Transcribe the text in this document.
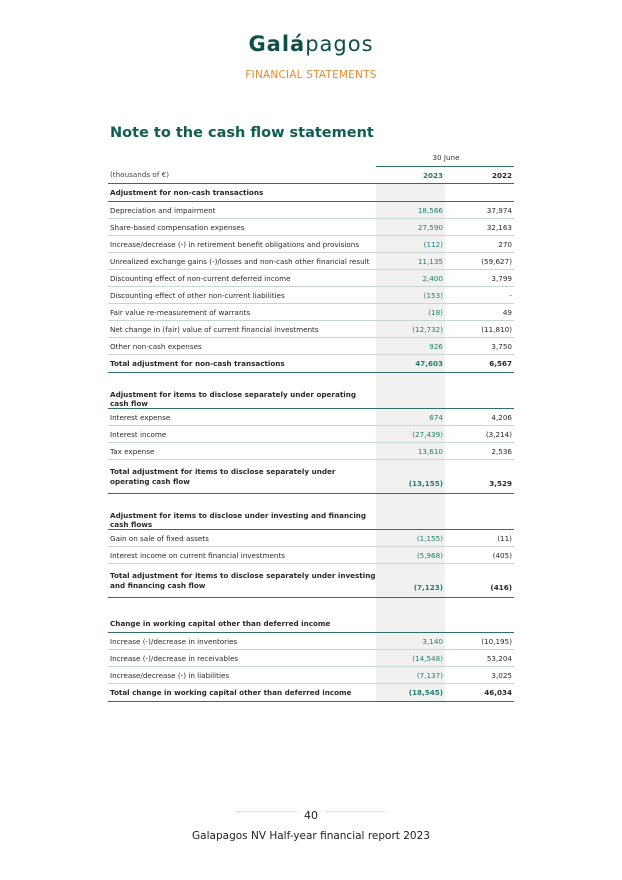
Galápagos
FINANCIAL STATEMENTS
Note to the cash flow statement
	30 June	
(thousands of €)	2023	2022
Adjustment for non-cash transactions		
Depreciation and impairment	18,566	37,974
Share-based compensation expenses	27,590	32,163
Increase/decrease (-) in retirement benefit obligations and provisions	(112)	270
Unrealized exchange gains (-)/losses and non-cash other financial result	11,135	(59,627)
Discounting effect of non-current deferred income	2,400	3,799
Discounting effect of other non-current liabilities	(153)	-
Fair value re-measurement of warrants	(18)	49
Net change in (fair) value of current financial investments	(12,732)	(11,810)
Other non-cash expenses	926	3,750
Total adjustment for non-cash transactions	47,603	6,567

Adjustment for items to disclose separately under operating cash flow		
Interest expense	674	4,206
Interest income	(27,439)	(3,214)
Tax expense	13,610	2,536
Total adjustment for items to disclose separately under operating cash flow	(13,155)	3,529

Adjustment for items to disclose under investing and financing cash flows		
Gain on sale of fixed assets	(1,155)	(11)
Interest income on current financial investments	(5,968)	(405)
Total adjustment for items to disclose separately under investing and financing cash flow	(7,123)	(416)

Change in working capital other than deferred income		
Increase (-)/decrease in inventories	3,140	(10,195)
Increase (-)/decrease in receivables	(14,548)	53,204
Increase/decrease (-) in liabilities	(7,137)	3,025
Total change in working capital other than deferred income	(18,545)	46,034
40
Galapagos NV Half-year financial report 2023
